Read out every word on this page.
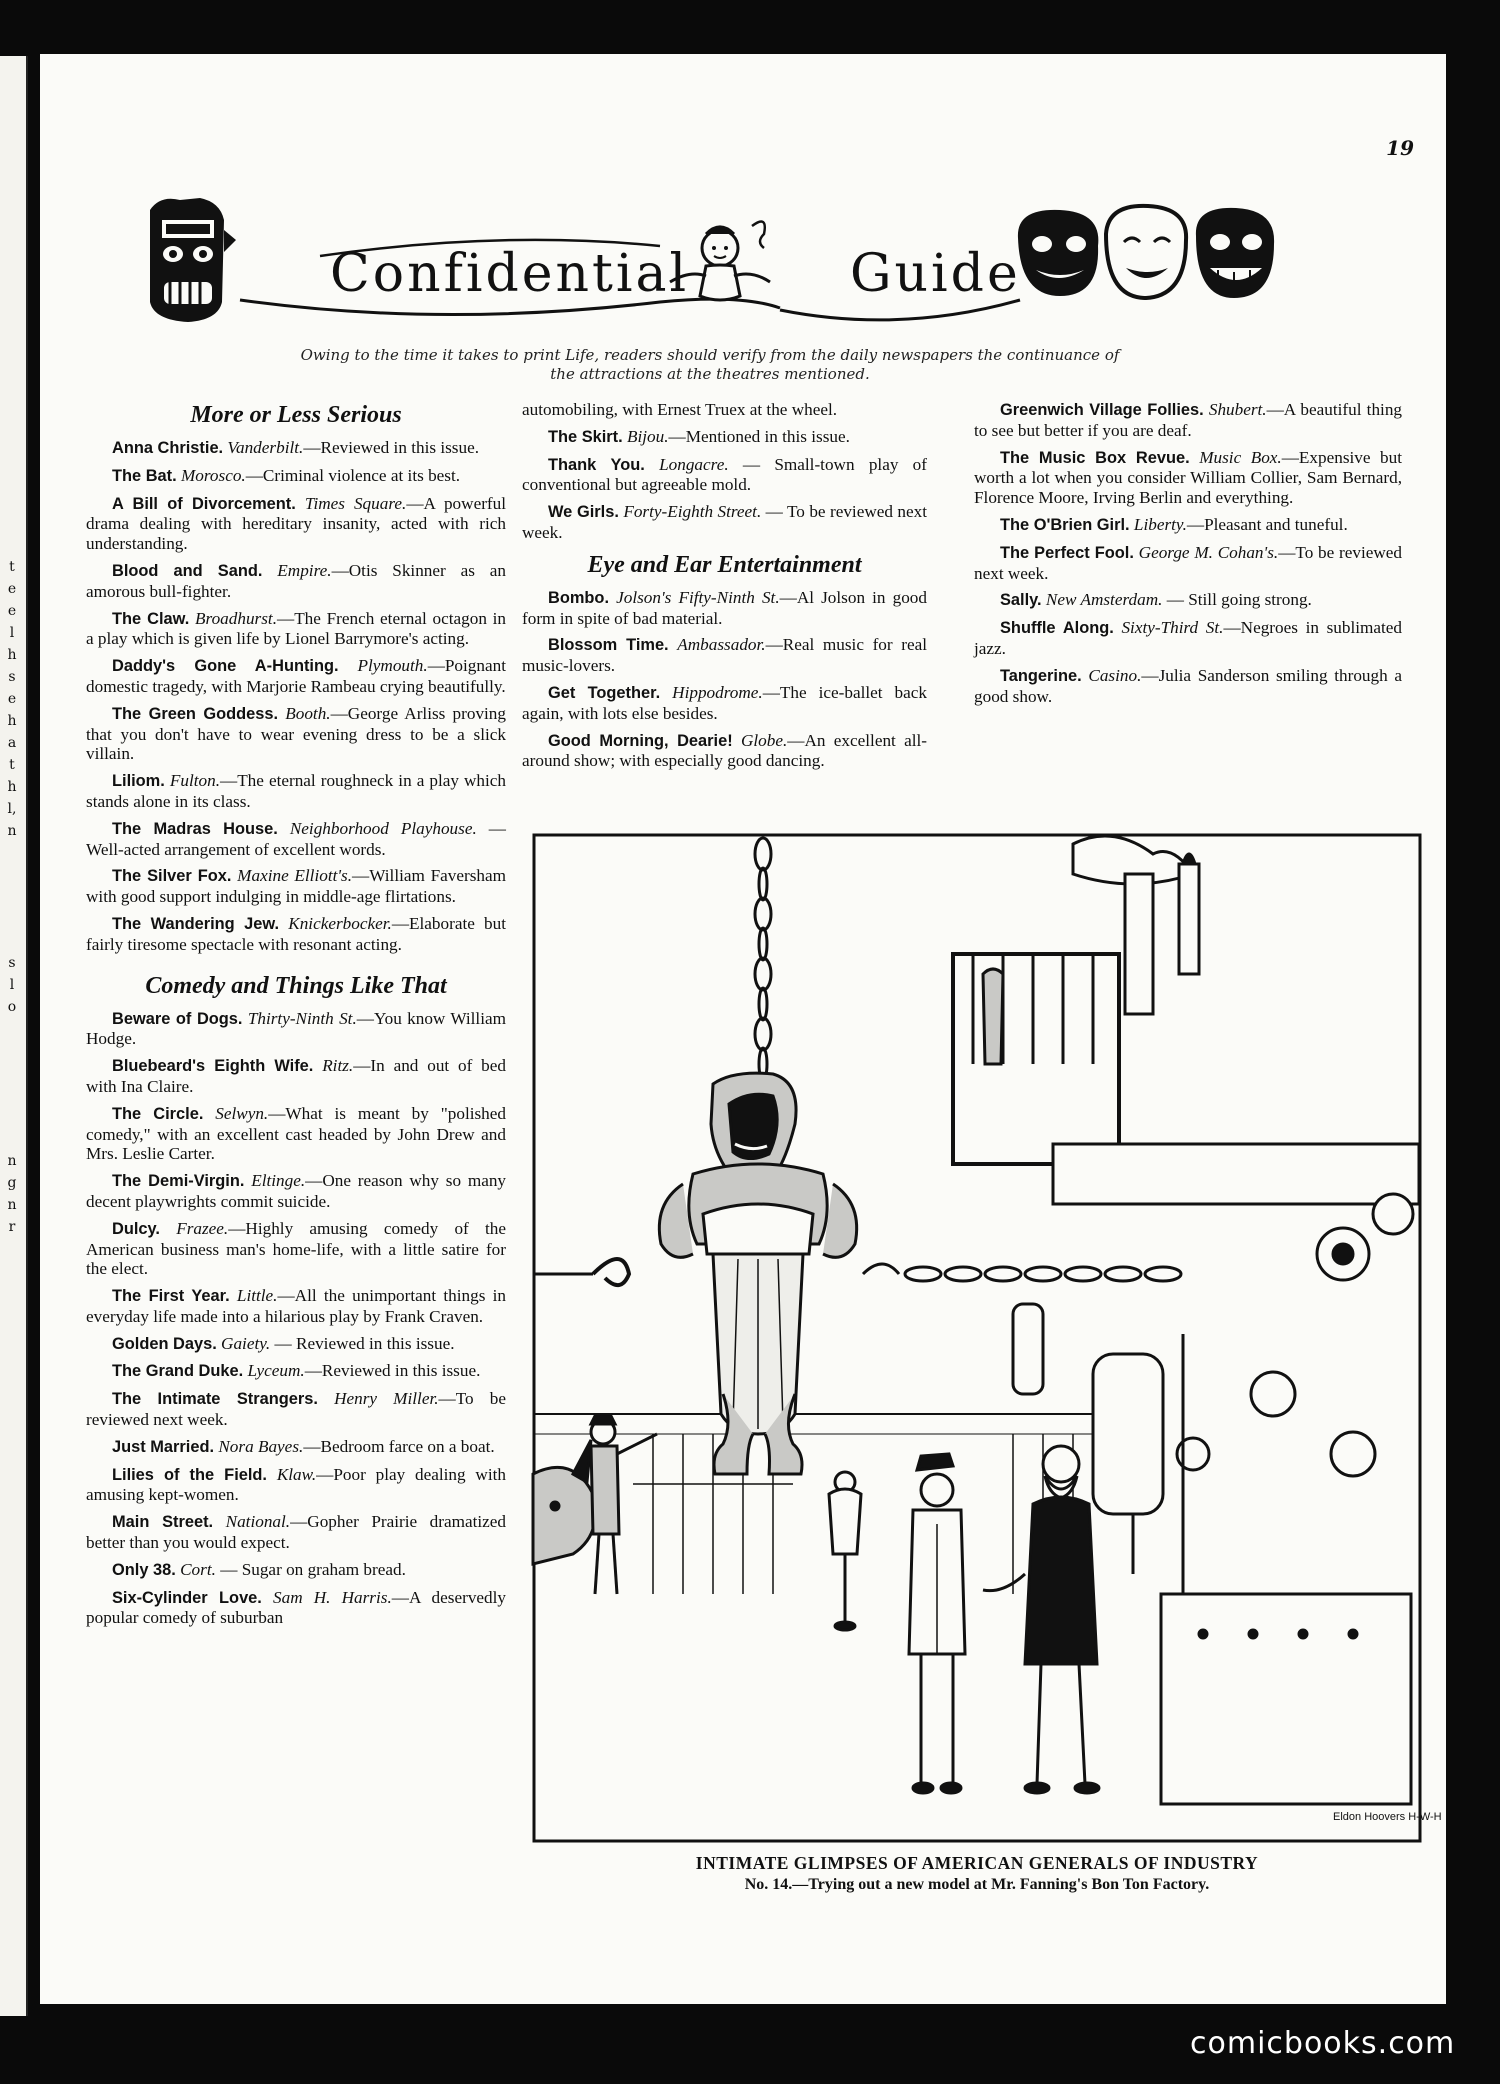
t
e
e
l
h
s
e
h
a
t
h
l,
n
s
l
o
n
g
n
r
19
Confidential	Guide
Owing to the time it takes to print Life, readers should verify from the daily newspapers the continuance of the attractions at the theatres mentioned.
More or Less Serious
Anna Christie. Vanderbilt.—Reviewed in this issue.
The Bat. Morosco.—Criminal violence at its best.
A Bill of Divorcement. Times Square.—A powerful drama dealing with hereditary insanity, acted with rich understanding.
Blood and Sand. Empire.—Otis Skinner as an amorous bull-fighter.
The Claw. Broadhurst.—The French eternal octagon in a play which is given life by Lionel Barrymore's acting.
Daddy's Gone A-Hunting. Plymouth.—Poignant domestic tragedy, with Marjorie Rambeau crying beautifully.
The Green Goddess. Booth.—George Arliss proving that you don't have to wear evening dress to be a slick villain.
Liliom. Fulton.—The eternal roughneck in a play which stands alone in its class.
The Madras House. Neighborhood Playhouse. — Well-acted arrangement of excellent words.
The Silver Fox. Maxine Elliott's.—William Faversham with good support indulging in middle-age flirtations.
The Wandering Jew. Knickerbocker.—Elaborate but fairly tiresome spectacle with resonant acting.
Comedy and Things Like That
Beware of Dogs. Thirty-Ninth St.—You know William Hodge.
Bluebeard's Eighth Wife. Ritz.—In and out of bed with Ina Claire.
The Circle. Selwyn.—What is meant by "polished comedy," with an excellent cast headed by John Drew and Mrs. Leslie Carter.
The Demi-Virgin. Eltinge.—One reason why so many decent playwrights commit suicide.
Dulcy. Frazee.—Highly amusing comedy of the American business man's home-life, with a little satire for the elect.
The First Year. Little.—All the unimportant things in everyday life made into a hilarious play by Frank Craven.
Golden Days. Gaiety. — Reviewed in this issue.
The Grand Duke. Lyceum.—Reviewed in this issue.
The Intimate Strangers. Henry Miller.—To be reviewed next week.
Just Married. Nora Bayes.—Bedroom farce on a boat.
Lilies of the Field. Klaw.—Poor play dealing with amusing kept-women.
Main Street. National.—Gopher Prairie dramatized better than you would expect.
Only 38. Cort. — Sugar on graham bread.
Six-Cylinder Love. Sam H. Harris.—A deservedly popular comedy of suburban
automobiling, with Ernest Truex at the wheel.
The Skirt. Bijou.—Mentioned in this issue.
Thank You. Longacre. — Small-town play of conventional but agreeable mold.
We Girls. Forty-Eighth Street. — To be reviewed next week.
Eye and Ear Entertainment
Bombo. Jolson's Fifty-Ninth St.—Al Jolson in good form in spite of bad material.
Blossom Time. Ambassador.—Real music for real music-lovers.
Get Together. Hippodrome.—The ice-ballet back again, with lots else besides.
Good Morning, Dearie! Globe.—An excellent all-around show; with especially good dancing.
Greenwich Village Follies. Shubert.—A beautiful thing to see but better if you are deaf.
The Music Box Revue. Music Box.—Expensive but worth a lot when you consider William Collier, Sam Bernard, Florence Moore, Irving Berlin and everything.
The O'Brien Girl. Liberty.—Pleasant and tuneful.
The Perfect Fool. George M. Cohan's.—To be reviewed next week.
Sally. New Amsterdam. — Still going strong.
Shuffle Along. Sixty-Third St.—Negroes in sublimated jazz.
Tangerine. Casino.—Julia Sanderson smiling through a good show.
Eldon Hoovers H-W-H
INTIMATE GLIMPSES OF AMERICAN GENERALS OF INDUSTRY
No. 14.—Trying out a new model at Mr. Fanning's Bon Ton Factory.
comicbooks.com
